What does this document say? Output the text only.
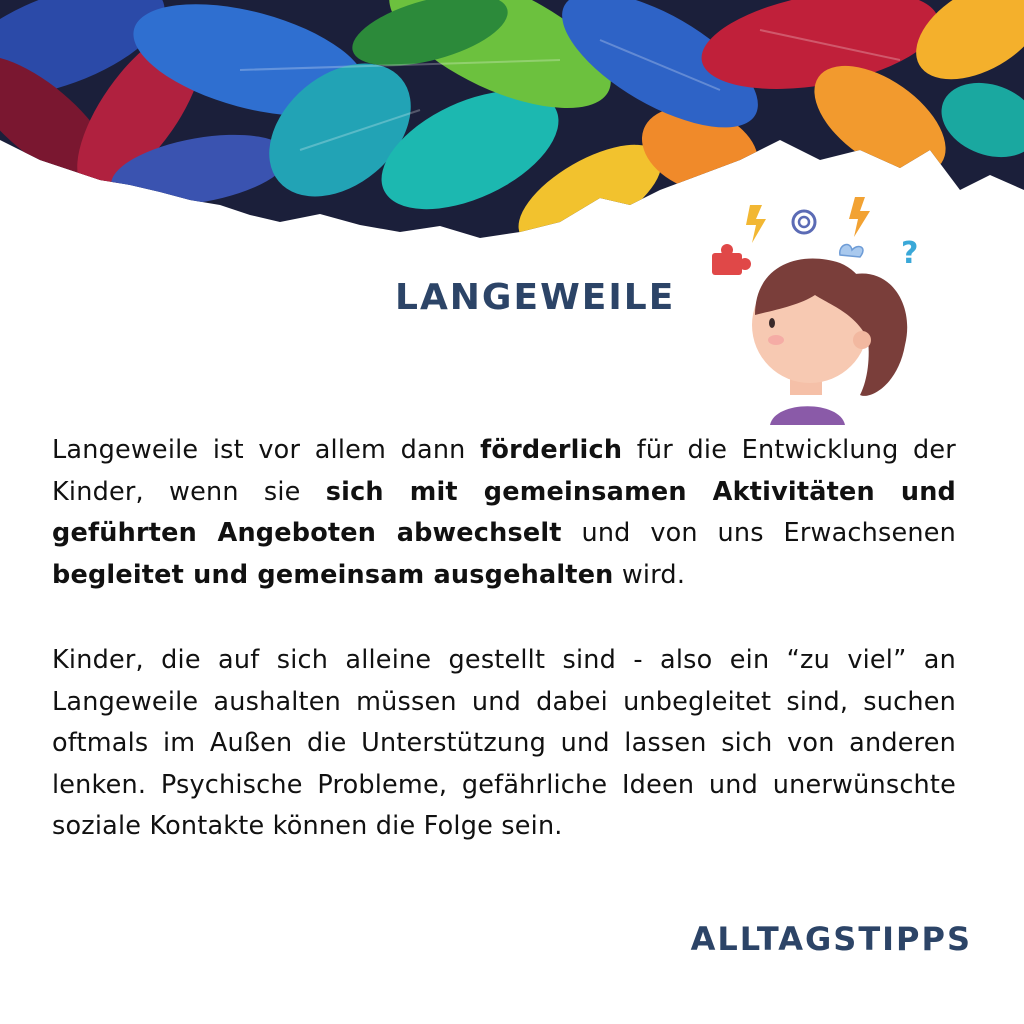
?
LANGEWEILE

Langeweile ist vor allem dann förderlich für die Entwicklung der Kinder, wenn sie sich mit gemeinsamen Aktivitäten und geführten Angeboten abwechselt und von uns Erwachsenen begleitet und gemeinsam ausgehalten wird.

Kinder, die auf sich alleine gestellt sind - also ein “zu viel” an Langeweile aushalten müssen und dabei unbegleitet sind, suchen oftmals im Außen die Unterstützung und lassen sich von anderen lenken. Psychische Probleme, gefährliche Ideen und unerwünschte soziale Kontakte können die Folge sein.

ALLTAGSTIPPS
